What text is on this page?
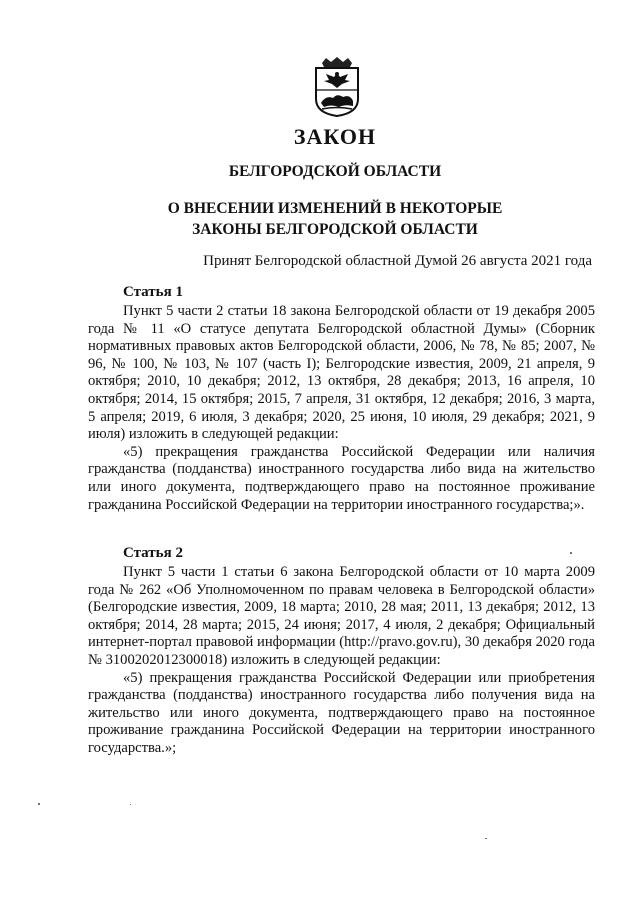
ЗАКОН
БЕЛГОРОДСКОЙ ОБЛАСТИ
О ВНЕСЕНИИ ИЗМЕНЕНИЙ В НЕКОТОРЫЕ
ЗАКОНЫ БЕЛГОРОДСКОЙ ОБЛАСТИ

Принят Белгородской областной Думой 26 августа 2021 года

Статья 1

Пункт 5 части 2 статьи 18 закона Белгородской области от 19 декабря 2005 года № 11 «О статусе депутата Белгородской областной Думы» (Сборник нормативных правовых актов Белгородской области, 2006, № 78, № 85; 2007, № 96, № 100, № 103, № 107 (часть I); Белгородские известия, 2009, 21 апреля, 9 октября; 2010, 10 декабря; 2012, 13 октября, 28 декабря; 2013, 16 апреля, 10 октября; 2014, 15 октября; 2015, 7 апреля, 31 октября, 12 декабря; 2016, 3 марта, 5 апреля; 2019, 6 июля, 3 декабря; 2020, 25 июня, 10 июля, 29 декабря; 2021, 9 июля) изложить в следующей редакции:

«5) прекращения гражданства Российской Федерации или наличия гражданства (подданства) иностранного государства либо вида на жительство или иного документа, подтверждающего право на постоянное проживание гражданина Российской Федерации на территории иностранного государства;».

Статья 2

Пункт 5 части 1 статьи 6 закона Белгородской области от 10 марта 2009 года № 262 «Об Уполномоченном по правам человека в Белгородской области» (Белгородские известия, 2009, 18 марта; 2010, 28 мая; 2011, 13 декабря; 2012, 13 октября; 2014, 28 марта; 2015, 24 июня; 2017, 4 июля, 2 декабря; Официальный интернет-портал правовой информации (http://pravo.gov.ru), 30 декабря 2020 года № 3100202012300018) изложить в следующей редакции:

«5) прекращения гражданства Российской Федерации или приобретения гражданства (подданства) иностранного государства либо получения вида на жительство или иного документа, подтверждающего право на постоянное проживание гражданина Российской Федерации на территории иностранного государства.»;
